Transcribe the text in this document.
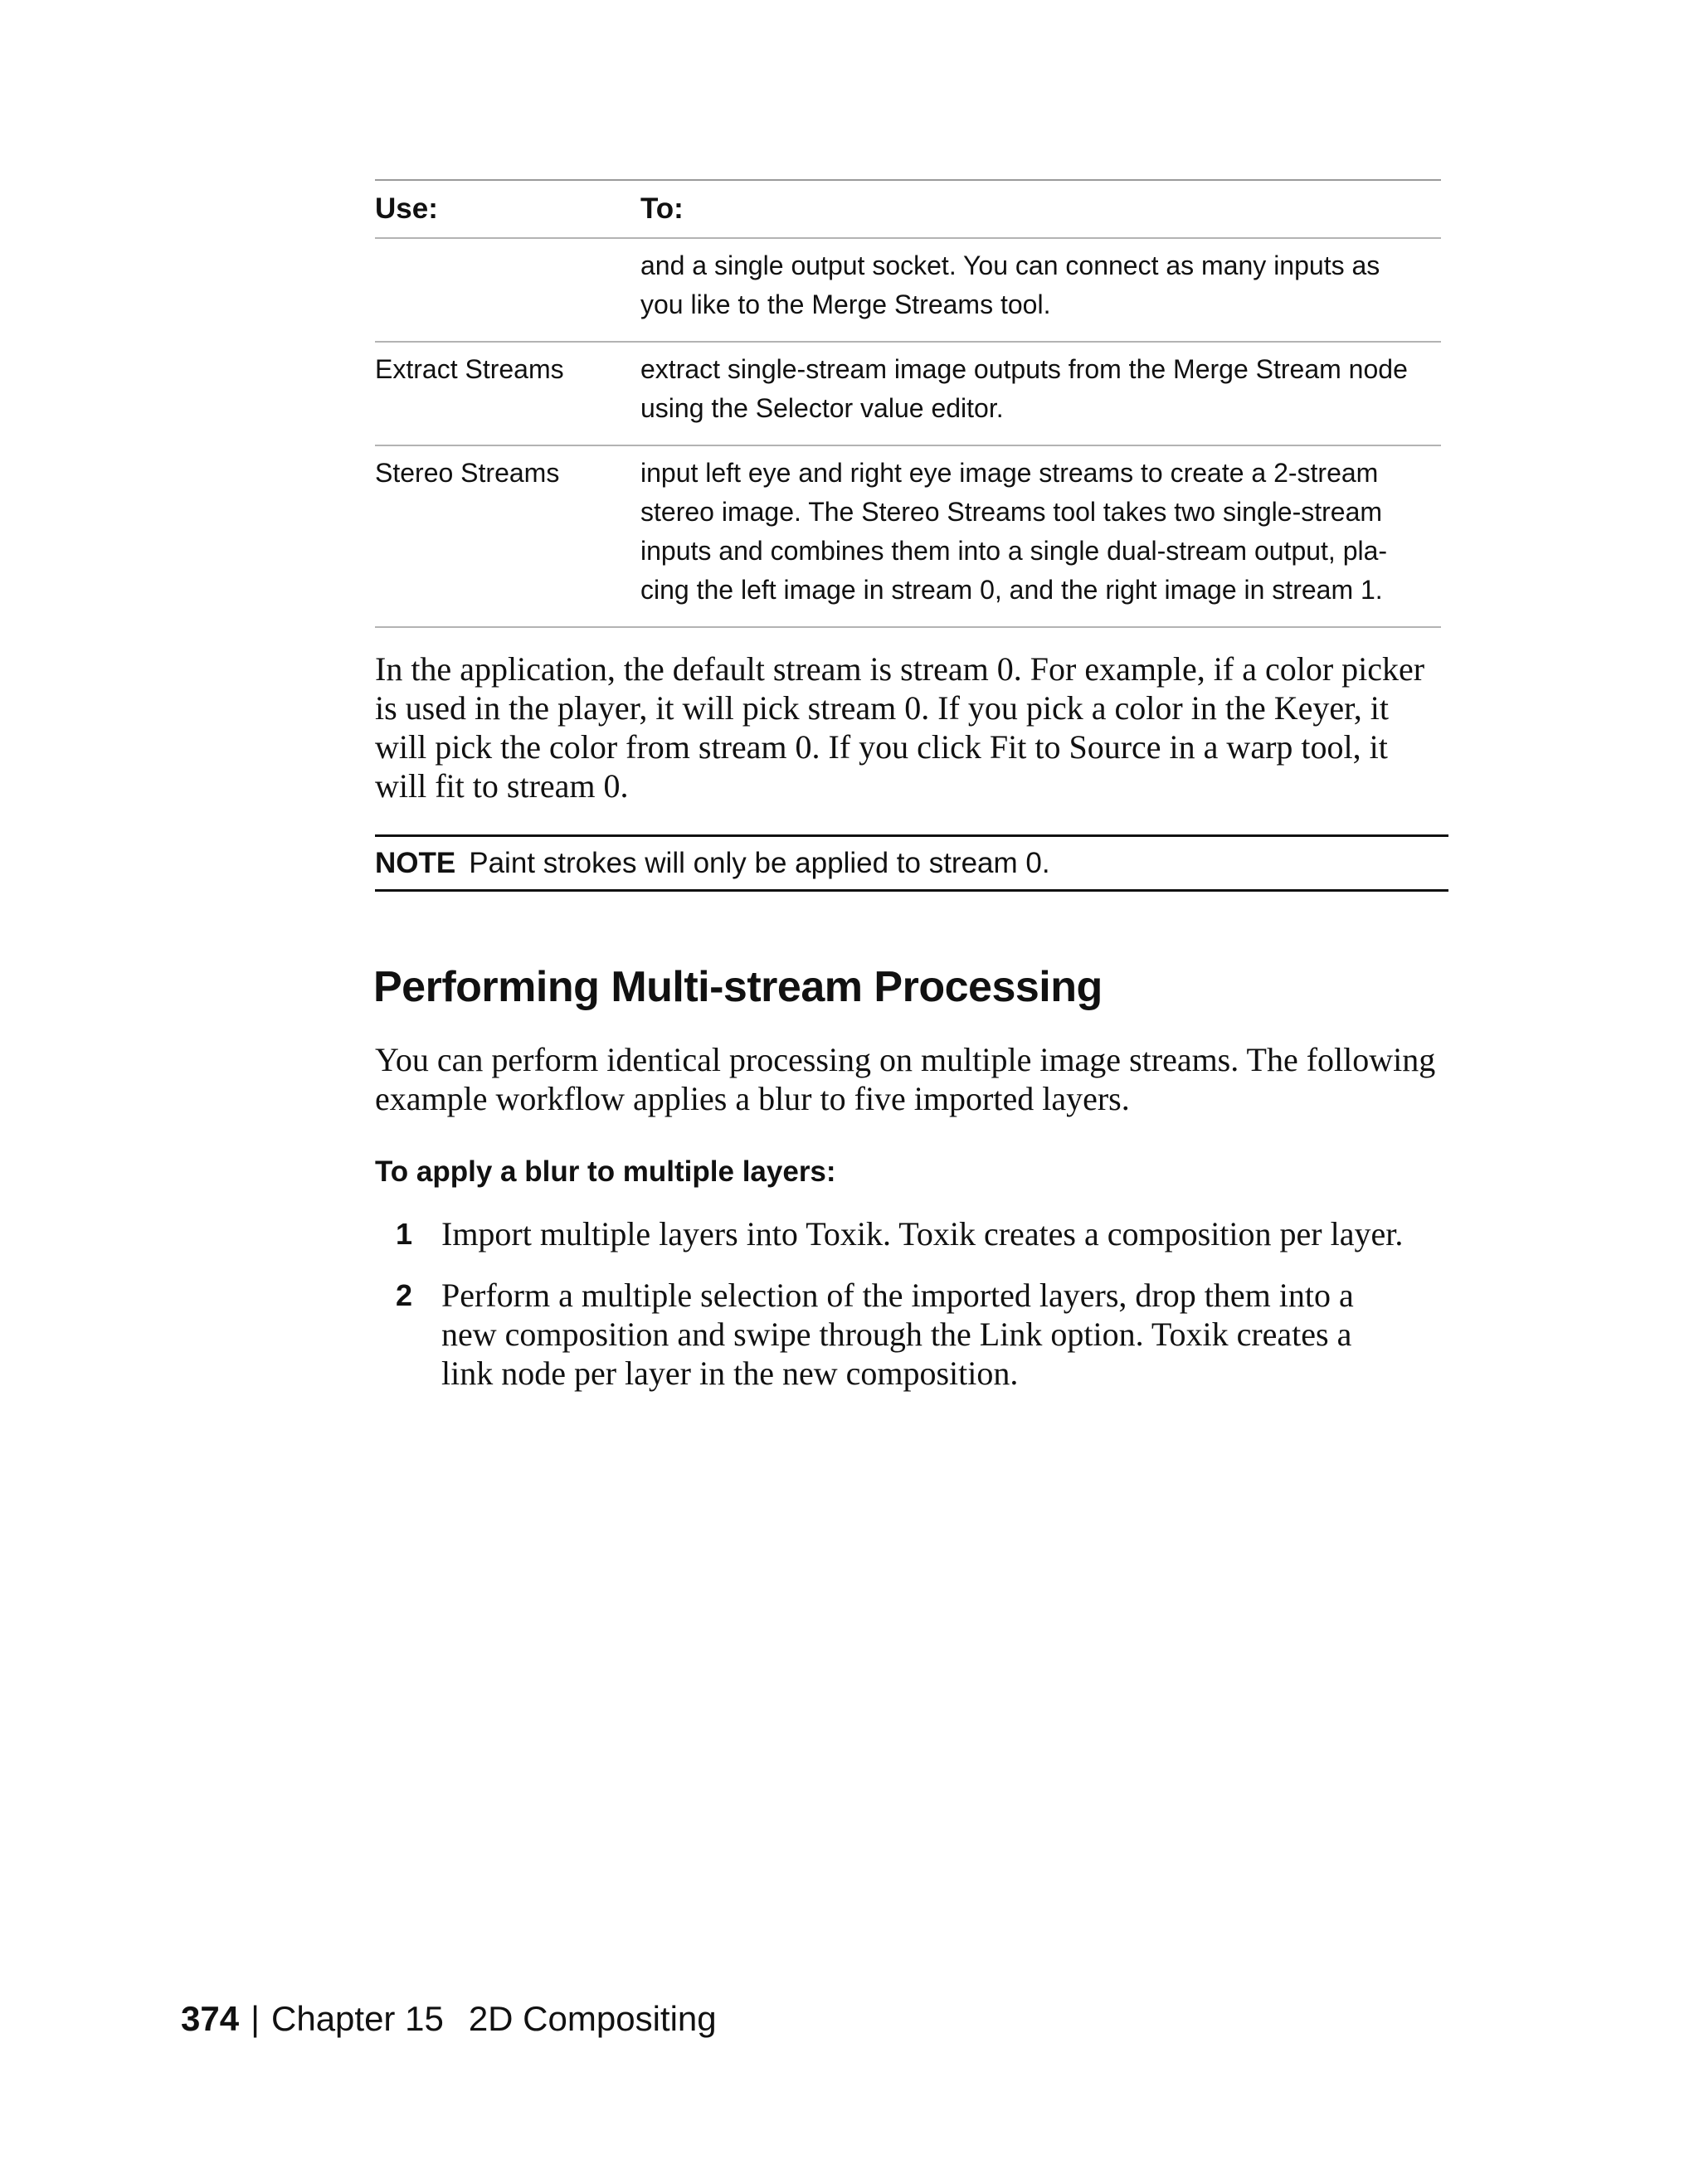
Use:	To:
and a single output socket. You can connect as many inputs as
you like to the Merge Streams tool.
Extract Streams	extract single-stream image outputs from the Merge Stream node
using the Selector value editor.
Stereo Streams	input left eye and right eye image streams to create a 2-stream
stereo image. The Stereo Streams tool takes two single-stream
inputs and combines them into a single dual-stream output, pla-
cing the left image in stream 0, and the right image in stream 1.
In the application, the default stream is stream 0. For example, if a color picker
is used in the player, it will pick stream 0. If you pick a color in the Keyer, it
will pick the color from stream 0. If you click Fit to Source in a warp tool, it
will fit to stream 0.
NOTE Paint strokes will only be applied to stream 0.
Performing Multi-stream Processing
You can perform identical processing on multiple image streams. The following
example workflow applies a blur to five imported layers.
To apply a blur to multiple layers:
1 Import multiple layers into Toxik. Toxik creates a composition per layer.
2 Perform a multiple selection of the imported layers, drop them into a
new composition and swipe through the Link option. Toxik creates a
link node per layer in the new composition.
374 | Chapter 15 2D Compositing
